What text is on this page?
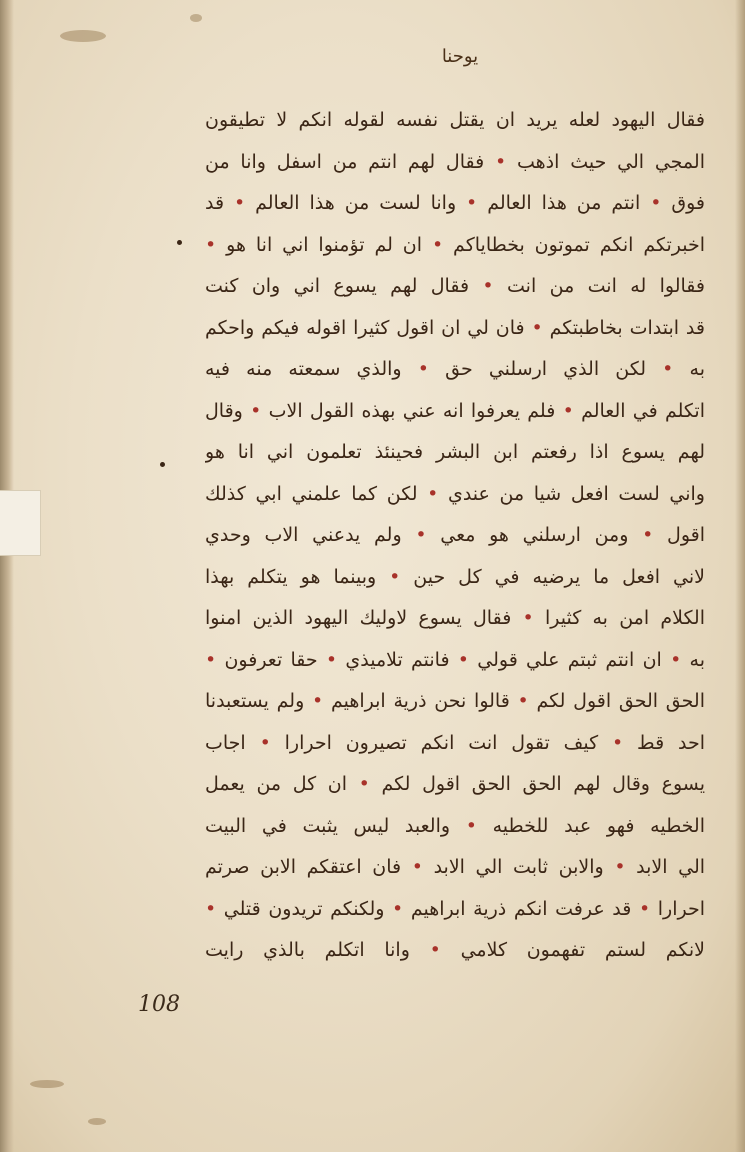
يوحنا
فقال اليهود لعله يريد ان يقتل نفسه لقوله انكم لا تطيقون
المجي الي حيث اذهب • فقال لهم انتم من اسفل وانا من
فوق • انتم من هذا العالم • وانا لست من هذا العالم • قد
اخبرتكم انكم تموتون بخطاياكم • ان لم تؤمنوا اني انا هو •
فقالوا له انت من انت • فقال لهم يسوع اني وان كنت
قد ابتدات بخاطبتكم • فان لي ان اقول كثيرا اقوله فيكم واحكم
به • لكن الذي ارسلني حق • والذي سمعته منه فيه
اتكلم في العالم • فلم يعرفوا انه عني بهذه القول الاب • وقال
لهم يسوع اذا رفعتم ابن البشر فحينئذ تعلمون اني انا هو
واني لست افعل شيا من عندي • لكن كما علمني ابي كذلك
اقول • ومن ارسلني هو معي • ولم يدعني الاب وحدي
لاني افعل ما يرضيه في كل حين • وبينما هو يتكلم بهذا
الكلام امن به كثيرا • فقال يسوع لاوليك اليهود الذين امنوا
به • ان انتم ثبتم علي قولي • فانتم تلاميذي • حقا تعرفون •
الحق الحق اقول لكم • قالوا نحن ذرية ابراهيم • ولم يستعبدنا
احد قط • كيف تقول انت انكم تصيرون احرارا • اجاب
يسوع وقال لهم الحق الحق اقول لكم • ان كل من يعمل
الخطيه فهو عبد للخطيه • والعبد ليس يثبت في البيت
الي الابد • والابن ثابت الي الابد • فان اعتقكم الابن صرتم
احرارا • قد عرفت انكم ذرية ابراهيم • ولكنكم تريدون قتلي •
لانكم لستم تفهمون كلامي • وانا اتكلم بالذي رايت
108
